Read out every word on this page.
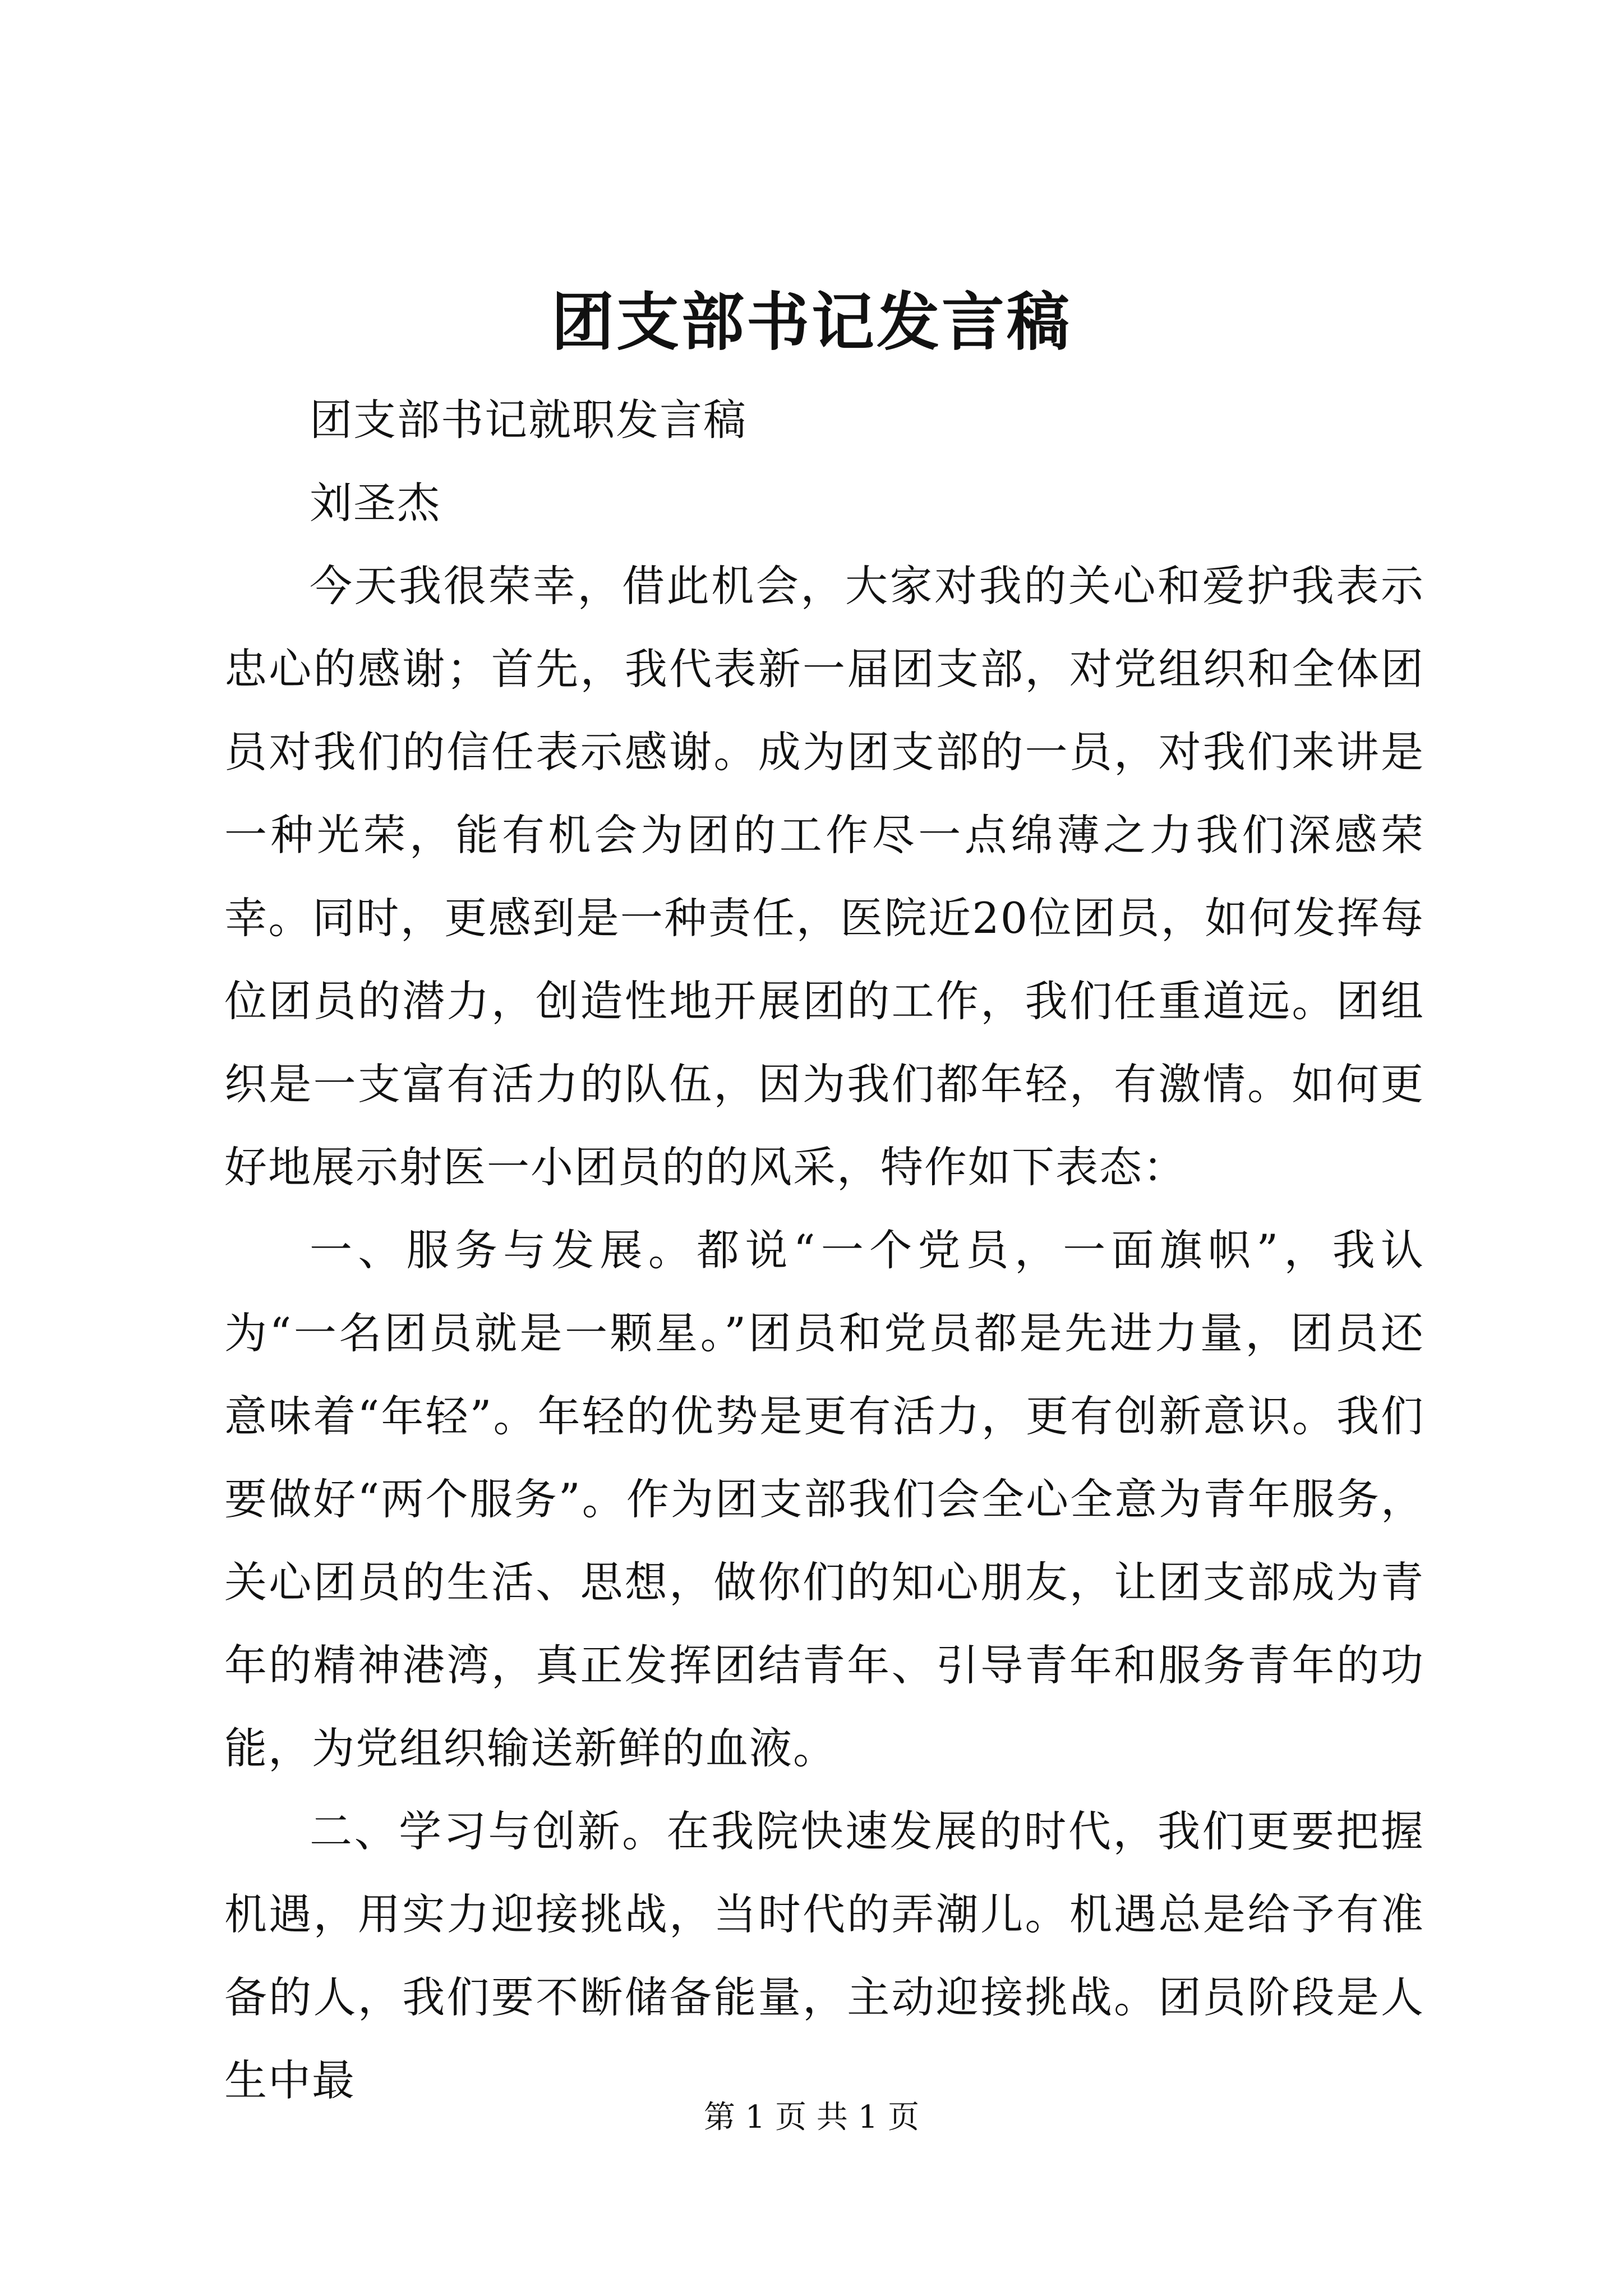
团支部书记发言稿

团支部书记就职发言稿

刘圣杰

今天我很荣幸，借此机会，大家对我的关心和爱护我表示忠心的感谢；首先，我代表新一届团支部，对党组织和全体团员对我们的信任表示感谢。成为团支部的一员，对我们来讲是一种光荣，能有机会为团的工作尽一点绵薄之力我们深感荣幸。同时，更感到是一种责任，医院近20位团员，如何发挥每位团员的潜力，创造性地开展团的工作，我们任重道远。团组织是一支富有活力的队伍，因为我们都年轻，有激情。如何更好地展示射医一小团员的的风采，特作如下表态：

一、服务与发展。都说“一个党员，一面旗帜”，我认为“一名团员就是一颗星。”团员和党员都是先进力量，团员还意味着“年轻”。年轻的优势是更有活力，更有创新意识。我们要做好“两个服务”。作为团支部我们会全心全意为青年服务，关心团员的生活、思想，做你们的知心朋友，让团支部成为青年的精神港湾，真正发挥团结青年、引导青年和服务青年的功能，为党组织输送新鲜的血液。

二、学习与创新。在我院快速发展的时代，我们更要把握机遇，用实力迎接挑战，当时代的弄潮儿。机遇总是给予有准备的人，我们要不断储备能量，主动迎接挑战。团员阶段是人生中最

第 1 页 共 1 页
